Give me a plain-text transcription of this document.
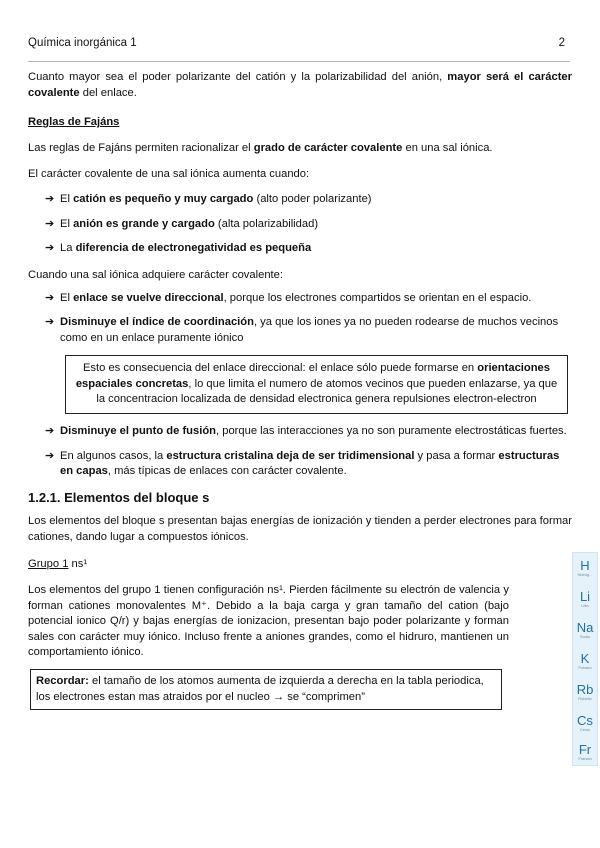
Química inorgánica 1	2

Cuanto mayor sea el poder polarizante del catión y la polarizabilidad del anión, mayor será el carácter covalente del enlace.

Reglas de Fajáns

Las reglas de Fajáns permiten racionalizar el grado de carácter covalente en una sal iónica.

El carácter covalente de una sal iónica aumenta cuando:

➔ El catión es pequeño y muy cargado (alto poder polarizante)

➔ El anión es grande y cargado (alta polarizabilidad)

➔ La diferencia de electronegatividad es pequeña

Cuando una sal iónica adquiere carácter covalente:

➔ El enlace se vuelve direccional, porque los electrones compartidos se orientan en el espacio.

➔ Disminuye el índice de coordinación, ya que los iones ya no pueden rodearse de muchos vecinos como en un enlace puramente iónico

Esto es consecuencia del enlace direccional: el enlace sólo puede formarse en orientaciones espaciales concretas, lo que limita el numero de atomos vecinos que pueden enlazarse, ya que la concentracion localizada de densidad electronica genera repulsiones electron-electron

➔ Disminuye el punto de fusión, porque las interacciones ya no son puramente electrostáticas fuertes.

➔ En algunos casos, la estructura cristalina deja de ser tridimensional y pasa a formar estructuras en capas, más típicas de enlaces con carácter covalente.

1.2.1. Elementos del bloque s

Los elementos del bloque s presentan bajas energías de ionización y tienden a perder electrones para formar cationes, dando lugar a compuestos iónicos.

Grupo 1 ns¹

Los elementos del grupo 1 tienen configuración ns¹. Pierden fácilmente su electrón de valencia y forman cationes monovalentes M⁺. Debido a la baja carga y gran tamaño del cation (bajo potencial ionico Q/r) y bajas energías de ionizacion, presentan bajo poder polarizante y forman sales con carácter muy iónico. Incluso frente a aniones grandes, como el hidruro, mantienen un comportamiento iónico.

Recordar: el tamaño de los atomos aumenta de izquierda a derecha en la tabla periodica, los electrones estan mas atraidos por el nucleo → se “comprimen”
H
Hidróg...
Li
Litio
Na
Sodio
K
Potasio
Rb
Rubidio
Cs
Cesio
Fr
Francio
